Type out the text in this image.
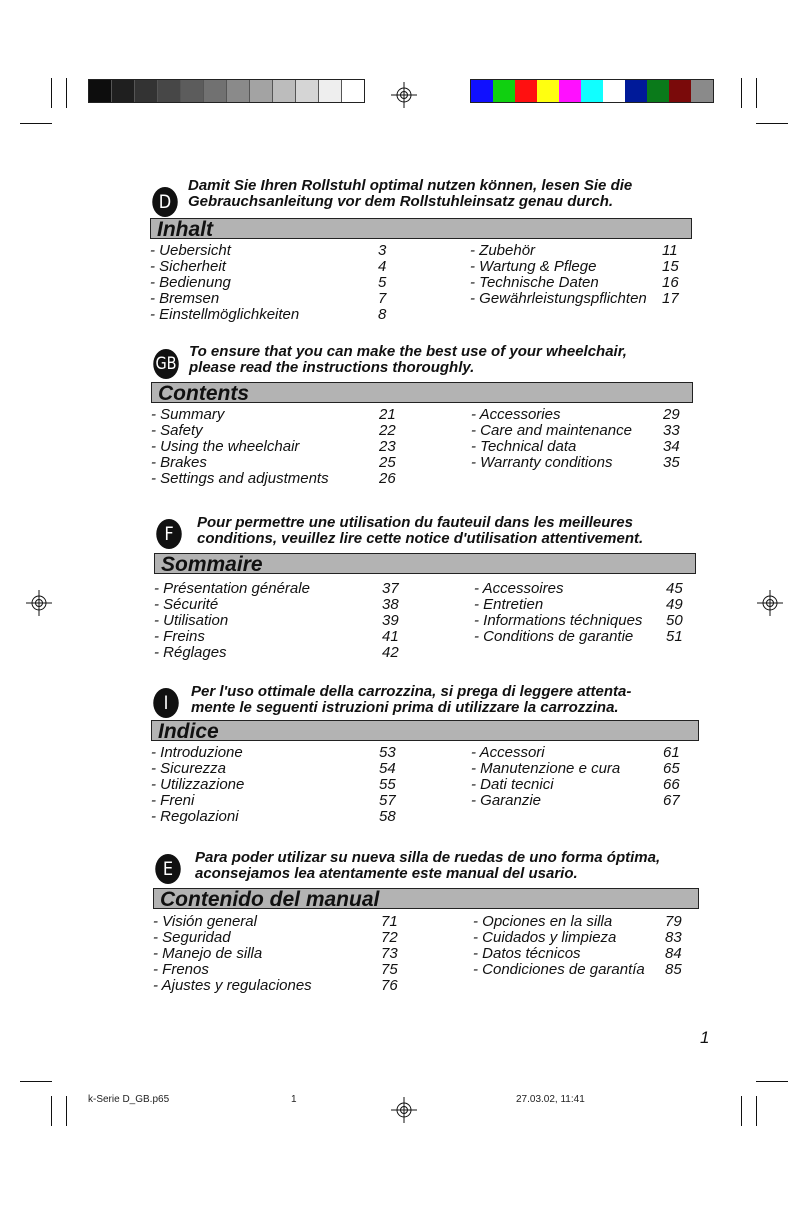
D
Damit Sie Ihren Rollstuhl optimal nutzen können, lesen Sie die
Gebrauchsanleitung vor dem Rollstuhleinsatz genau durch.
Inhalt
- Uebersicht	3	- Zubehör	11
- Sicherheit	4	- Wartung & Pflege	15
- Bedienung	5	- Technische Daten	16
- Bremsen	7	- Gewährleistungspflichten 17
- Einstellmöglichkeiten	8
GB
To ensure that you can make the best use of your wheelchair,
please read the instructions thoroughly.
Contents
- Summary	21	- Accessories	29
- Safety	22	- Care and maintenance 33
- Using the wheelchair	23	- Technical data	34
- Brakes	25	- Warranty conditions	35
- Settings and adjustments	26
F
Pour permettre une utilisation du fauteuil dans les meilleures
conditions, veuillez lire cette notice d'utilisation attentivement.
Sommaire
- Présentation générale	37	- Accessoires	45
- Sécurité	38	- Entretien	49
- Utilisation	39	- Informations téchniques 50
- Freins	41	- Conditions de garantie 51
- Réglages	42
I
Per l'uso ottimale della carrozzina, si prega di leggere attenta-
mente le seguenti istruzioni prima di utilizzare la carrozzina.
Indice
- Introduzione	53	- Accessori	61
- Sicurezza	54	- Manutenzione e cura	65
- Utilizzazione	55	- Dati tecnici	66
- Freni	57	- Garanzie	67
- Regolazioni	58
E
Para poder utilizar su nueva silla de ruedas de uno forma óptima,
aconsejamos lea atentamente este manual del usario.
Contenido del manual
- Visión general	71	- Opciones en la silla	79
- Seguridad	72	- Cuidados y limpieza	83
- Manejo de silla	73	- Datos técnicos	84
- Frenos	75	- Condiciones de garantía 85
- Ajustes y regulaciones	76
1
k-Serie D_GB.p65	1	27.03.02, 11:41
